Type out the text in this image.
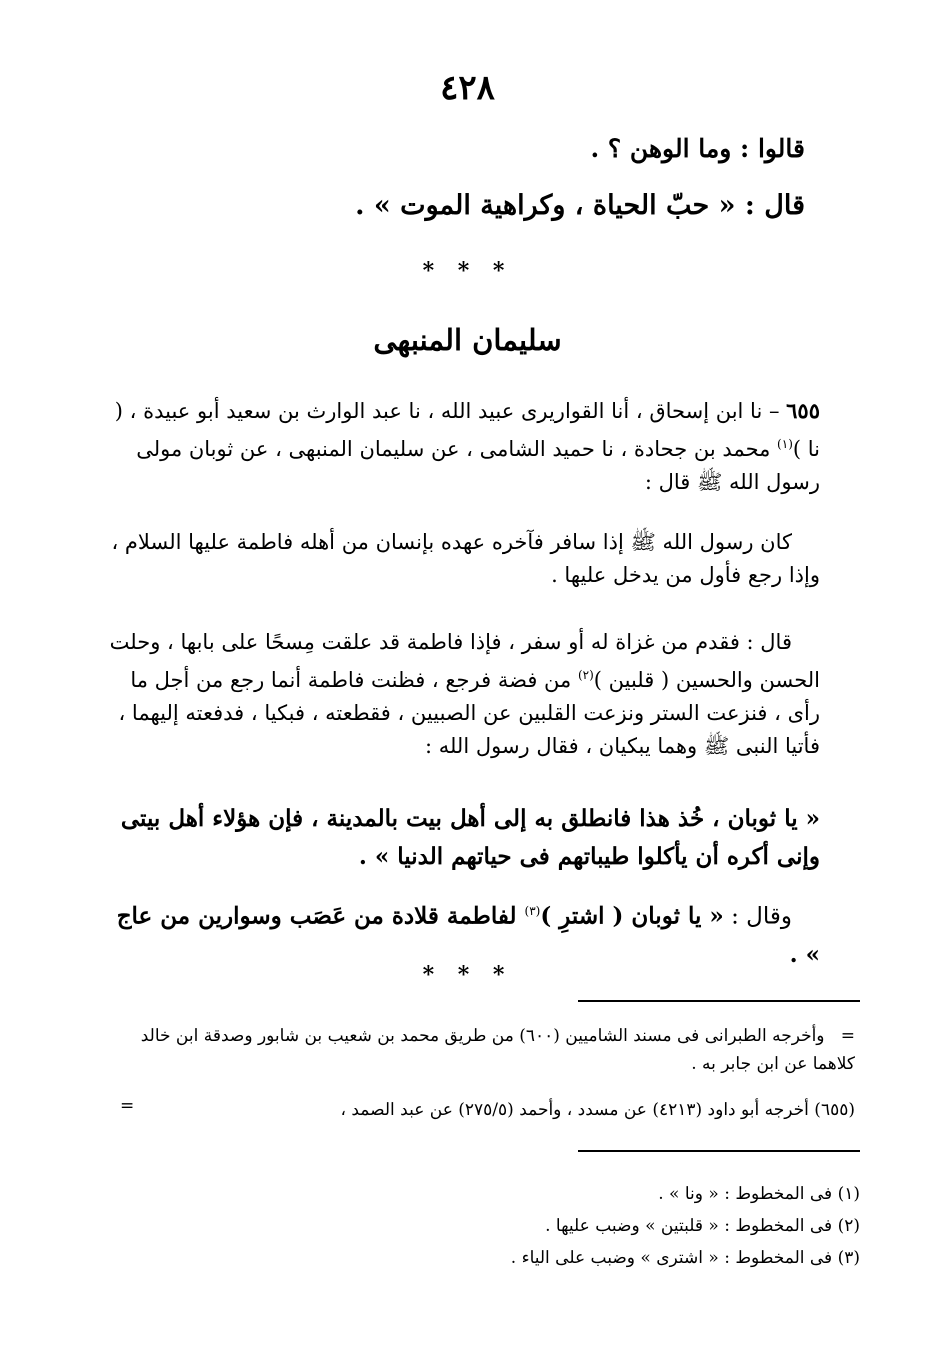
٤٢٨
قالوا : وما الوهن ؟ .
قال : « حبّ الحياة ، وكراهية الموت » .
* * *
سليمان المنبهى
٦٥٥ – نا ابن إسحاق ، أنا القواريرى عبيد الله ، نا عبد الوارث بن سعيد أبو عبيدة ، ( نا )$^{(١)}$ محمد بن جحادة ، نا حميد الشامى ، عن سليمان المنبهى ، عن ثوبان مولى رسول الله ﷺ قال :
كان رسول الله ﷺ إذا سافر فآخره عهده بإنسان من أهله فاطمة عليها السلام ، وإذا رجع فأول من يدخل عليها .
قال : فقدم من غزاة له أو سفر ، فإذا فاطمة قد علقت مِسحًا على بابها ، وحلت الحسن والحسين ( قلبين )$^{(٢)}$ من فضة فرجع ، فظنت فاطمة أنما رجع من أجل ما رأى ، فنزعت الستر ونزعت القلبين عن الصبيين ، فقطعته ، فبكيا ، فدفعته إليهما ، فأتيا النبى ﷺ وهما يبكيان ، فقال رسول الله :
« يا ثوبان ، خُذ هذا فانطلق به إلى أهل بيت بالمدينة ، فإن هؤلاء أهل بيتى وإنى أكره أن يأكلوا طيباتهم فى حياتهم الدنيا » .
وقال : « يا ثوبان ( اشترِ )$^{(٣)}$ لفاطمة قلادة من عَصَب وسوارين من عاج » .
* * *
=   وأخرجه الطبرانى فى مسند الشاميين (٦٠٠) من طريق محمد بن شعيب بن شابور وصدقة ابن خالد كلاهما عن ابن جابر به .
(٦٥٥) أخرجه أبو داود (٤٢١٣) عن مسدد ، وأحمد (٢٧٥/٥) عن عبد الصمد ،
=
(١) فى المخطوط : « ونا » .
(٢) فى المخطوط : « قلبتين » وضبب عليها .
(٣) فى المخطوط : « اشترى » وضبب على الياء .
